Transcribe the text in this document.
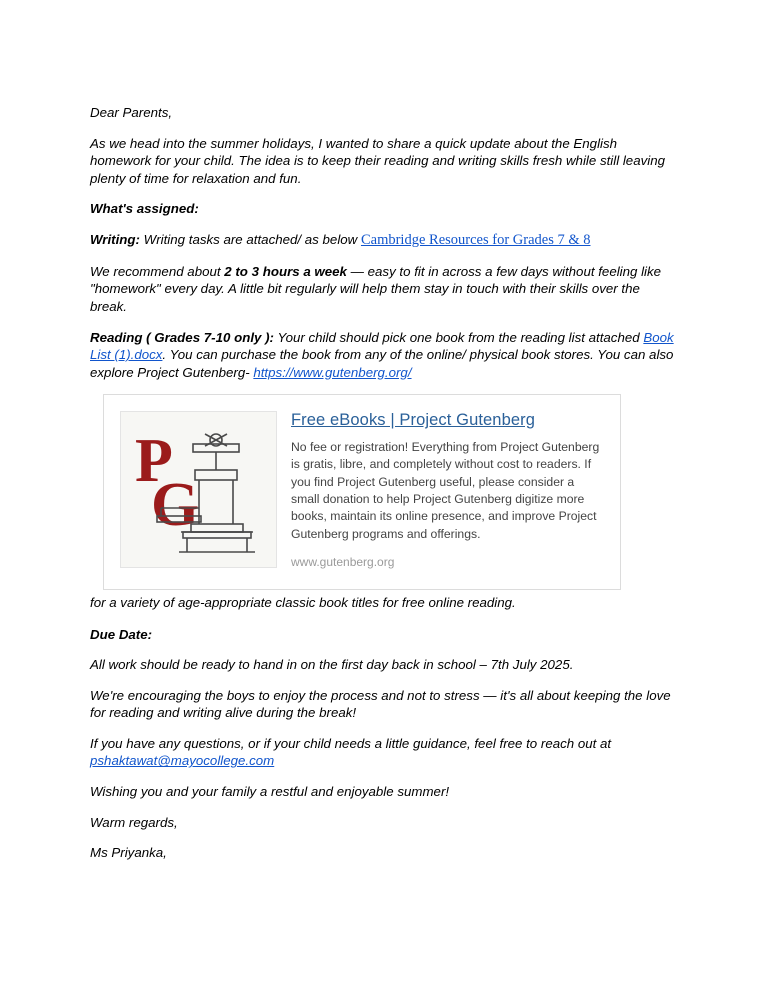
Dear Parents,

As we head into the summer holidays, I wanted to share a quick update about the English homework for your child. The idea is to keep their reading and writing skills fresh while still leaving plenty of time for relaxation and fun.

What's assigned:

Writing: Writing tasks are attached/ as below Cambridge Resources for Grades 7 & 8

We recommend about 2 to 3 hours a week — easy to fit in across a few days without feeling like "homework" every day. A little bit regularly will help them stay in touch with their skills over the break.

Reading ( Grades 7-10 only ): Your child should pick one book from the reading list attached Book List (1).docx. You can purchase the book from any of the online/ physical book stores. You can also explore Project Gutenberg- https://www.gutenberg.org/

P
G
Free eBooks | Project Gutenberg
No fee or registration! Everything from Project Gutenberg is gratis, libre, and completely without cost to readers. If you find Project Gutenberg useful, please consider a small donation to help Project Gutenberg digitize more books, maintain its online presence, and improve Project Gutenberg programs and offerings.
www.gutenberg.org

for a variety of age-appropriate classic book titles for free online reading.

Due Date:

All work should be ready to hand in on the first day back in school – 7th July 2025.

We're encouraging the boys to enjoy the process and not to stress — it's all about keeping the love for reading and writing alive during the break!

If you have any questions, or if your child needs a little guidance, feel free to reach out at pshaktawat@mayocollege.com

Wishing you and your family a restful and enjoyable summer!

Warm regards,

Ms Priyanka,
